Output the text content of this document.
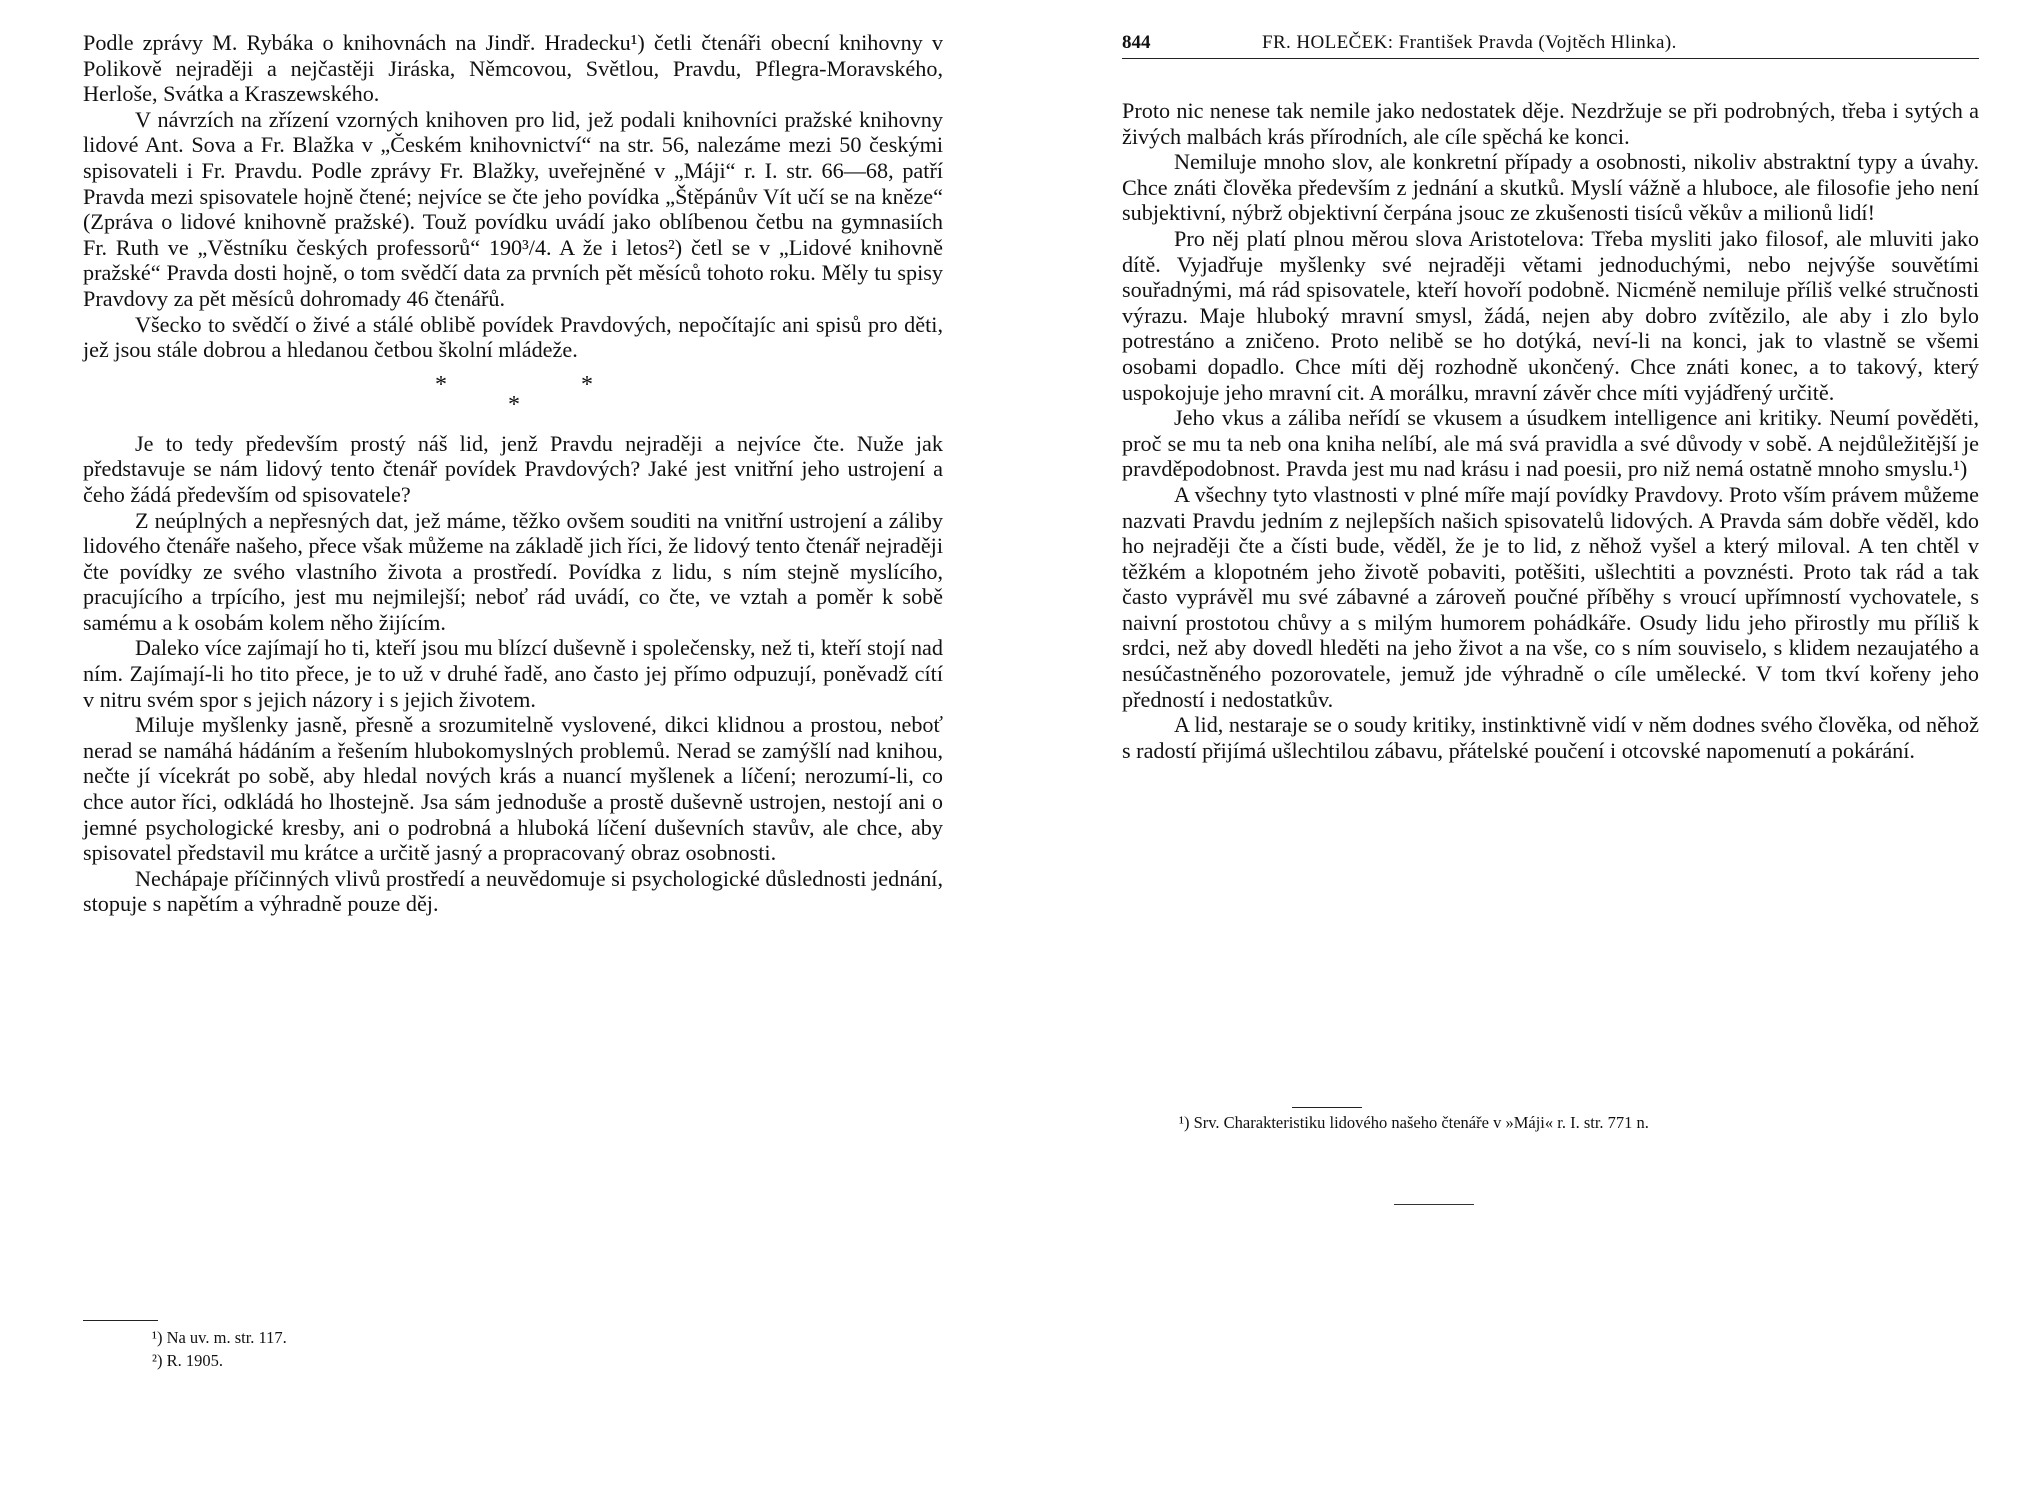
Podle zprávy M. Rybáka o knihovnách na Jindř. Hradecku¹) četli čtenáři obecní knihovny v Polikově nejraději a nejčastěji Jiráska, Němcovou, Světlou, Pravdu, Pflegra-Moravského, Herloše, Svátka a Kraszewského.

V návrzích na zřízení vzorných knihoven pro lid, jež podali knihovníci pražské knihovny lidové Ant. Sova a Fr. Blažka v „Českém knihovnictví“ na str. 56, nalezáme mezi 50 českými spisovateli i Fr. Pravdu. Podle zprávy Fr. Blažky, uveřejněné v „Máji“ r. I. str. 66—68, patří Pravda mezi spisovatele hojně čtené; nejvíce se čte jeho povídka „Štěpánův Vít učí se na kněze“ (Zpráva o lidové knihovně pražské). Touž povídku uvádí jako oblíbenou četbu na gymnasiích Fr. Ruth ve „Věstníku českých professorů“ 190³/4. A že i letos²) četl se v „Lidové knihovně pražské“ Pravda dosti hojně, o tom svědčí data za prvních pět měsíců tohoto roku. Měly tu spisy Pravdovy za pět měsíců dohromady 46 čtenářů.

Všecko to svědčí o živé a stálé oblibě povídek Pravdových, nepočítajíc ani spisů pro děti, jež jsou stále dobrou a hledanou četbou školní mládeže.

*
*
*

Je to tedy především prostý náš lid, jenž Pravdu nejraději a nejvíce čte. Nuže jak představuje se nám lidový tento čtenář povídek Pravdových? Jaké jest vnitřní jeho ustrojení a čeho žádá především od spisovatele?

Z neúplných a nepřesných dat, jež máme, těžko ovšem souditi na vnitřní ustrojení a záliby lidového čtenáře našeho, přece však můžeme na základě jich říci, že lidový tento čtenář nejraději čte povídky ze svého vlastního života a prostředí. Povídka z lidu, s ním stejně myslícího, pracujícího a trpícího, jest mu nejmilejší; neboť rád uvádí, co čte, ve vztah a poměr k sobě samému a k osobám kolem něho žijícím.

Daleko více zajímají ho ti, kteří jsou mu blízcí duševně i společensky, než ti, kteří stojí nad ním. Zajímají-li ho tito přece, je to už v druhé řadě, ano často jej přímo odpuzují, poněvadž cítí v nitru svém spor s jejich názory i s jejich životem.

Miluje myšlenky jasně, přesně a srozumitelně vyslovené, dikci klidnou a prostou, neboť nerad se namáhá hádáním a řešením hlubokomyslných problemů. Nerad se zamýšlí nad knihou, nečte jí vícekrát po sobě, aby hledal nových krás a nuancí myšlenek a líčení; nerozumí-li, co chce autor říci, odkládá ho lhostejně. Jsa sám jednoduše a prostě duševně ustrojen, nestojí ani o jemné psychologické kresby, ani o podrobná a hluboká líčení duševních stavův, ale chce, aby spisovatel představil mu krátce a určitě jasný a propracovaný obraz osobnosti.

Nechápaje příčinných vlivů prostředí a neuvědomuje si psychologické důslednosti jednání, stopuje s napětím a výhradně pouze děj.

¹) Na uv. m. str. 117.
²) R. 1905.
844	FR. HOLEČEK: František Pravda (Vojtěch Hlinka).

Proto nic nenese tak nemile jako nedostatek děje. Nezdržuje se při podrobných, třeba i sytých a živých malbách krás přírodních, ale cíle spěchá ke konci.

Nemiluje mnoho slov, ale konkretní případy a osobnosti, nikoliv abstraktní typy a úvahy. Chce znáti člověka především z jednání a skutků. Myslí vážně a hluboce, ale filosofie jeho není subjektivní, nýbrž objektivní čerpána jsouc ze zkušenosti tisíců věkův a milionů lidí!

Pro něj platí plnou měrou slova Aristotelova: Třeba mysliti jako filosof, ale mluviti jako dítě. Vyjadřuje myšlenky své nejraději větami jednoduchými, nebo nejvýše souvětími souřadnými, má rád spisovatele, kteří hovoří podobně. Nicméně nemiluje příliš velké stručnosti výrazu. Maje hluboký mravní smysl, žádá, nejen aby dobro zvítězilo, ale aby i zlo bylo potrestáno a zničeno. Proto nelibě se ho dotýká, neví-li na konci, jak to vlastně se všemi osobami dopadlo. Chce míti děj rozhodně ukončený. Chce znáti konec, a to takový, který uspokojuje jeho mravní cit. A morálku, mravní závěr chce míti vyjádřený určitě.

Jeho vkus a záliba neřídí se vkusem a úsudkem intelligence ani kritiky. Neumí pověděti, proč se mu ta neb ona kniha nelíbí, ale má svá pravidla a své důvody v sobě. A nejdůležitější je pravděpodobnost. Pravda jest mu nad krásu i nad poesii, pro niž nemá ostatně mnoho smyslu.¹)

A všechny tyto vlastnosti v plné míře mají povídky Pravdovy. Proto vším právem můžeme nazvati Pravdu jedním z nejlepších našich spisovatelů lidových. A Pravda sám dobře věděl, kdo ho nejraději čte a čísti bude, věděl, že je to lid, z něhož vyšel a který miloval. A ten chtěl v těžkém a klopotném jeho životě pobaviti, potěšiti, ušlechtiti a povznésti. Proto tak rád a tak často vyprávěl mu své zábavné a zároveň poučné příběhy s vroucí upřímností vychovatele, s naivní prostotou chůvy a s milým humorem pohádkáře. Osudy lidu jeho přirostly mu příliš k srdci, než aby dovedl hleděti na jeho život a na vše, co s ním souviselo, s klidem nezaujatého a nesúčastněného pozorovatele, jemuž jde výhradně o cíle umělecké. V tom tkví kořeny jeho předností i nedostatkův.

A lid, nestaraje se o soudy kritiky, instinktivně vidí v něm dodnes svého člověka, od něhož s radostí přijímá ušlechtilou zábavu, přátelské poučení i otcovské napomenutí a pokárání.

¹) Srv. Charakteristiku lidového našeho čtenáře v »Máji« r. I. str. 771 n.
